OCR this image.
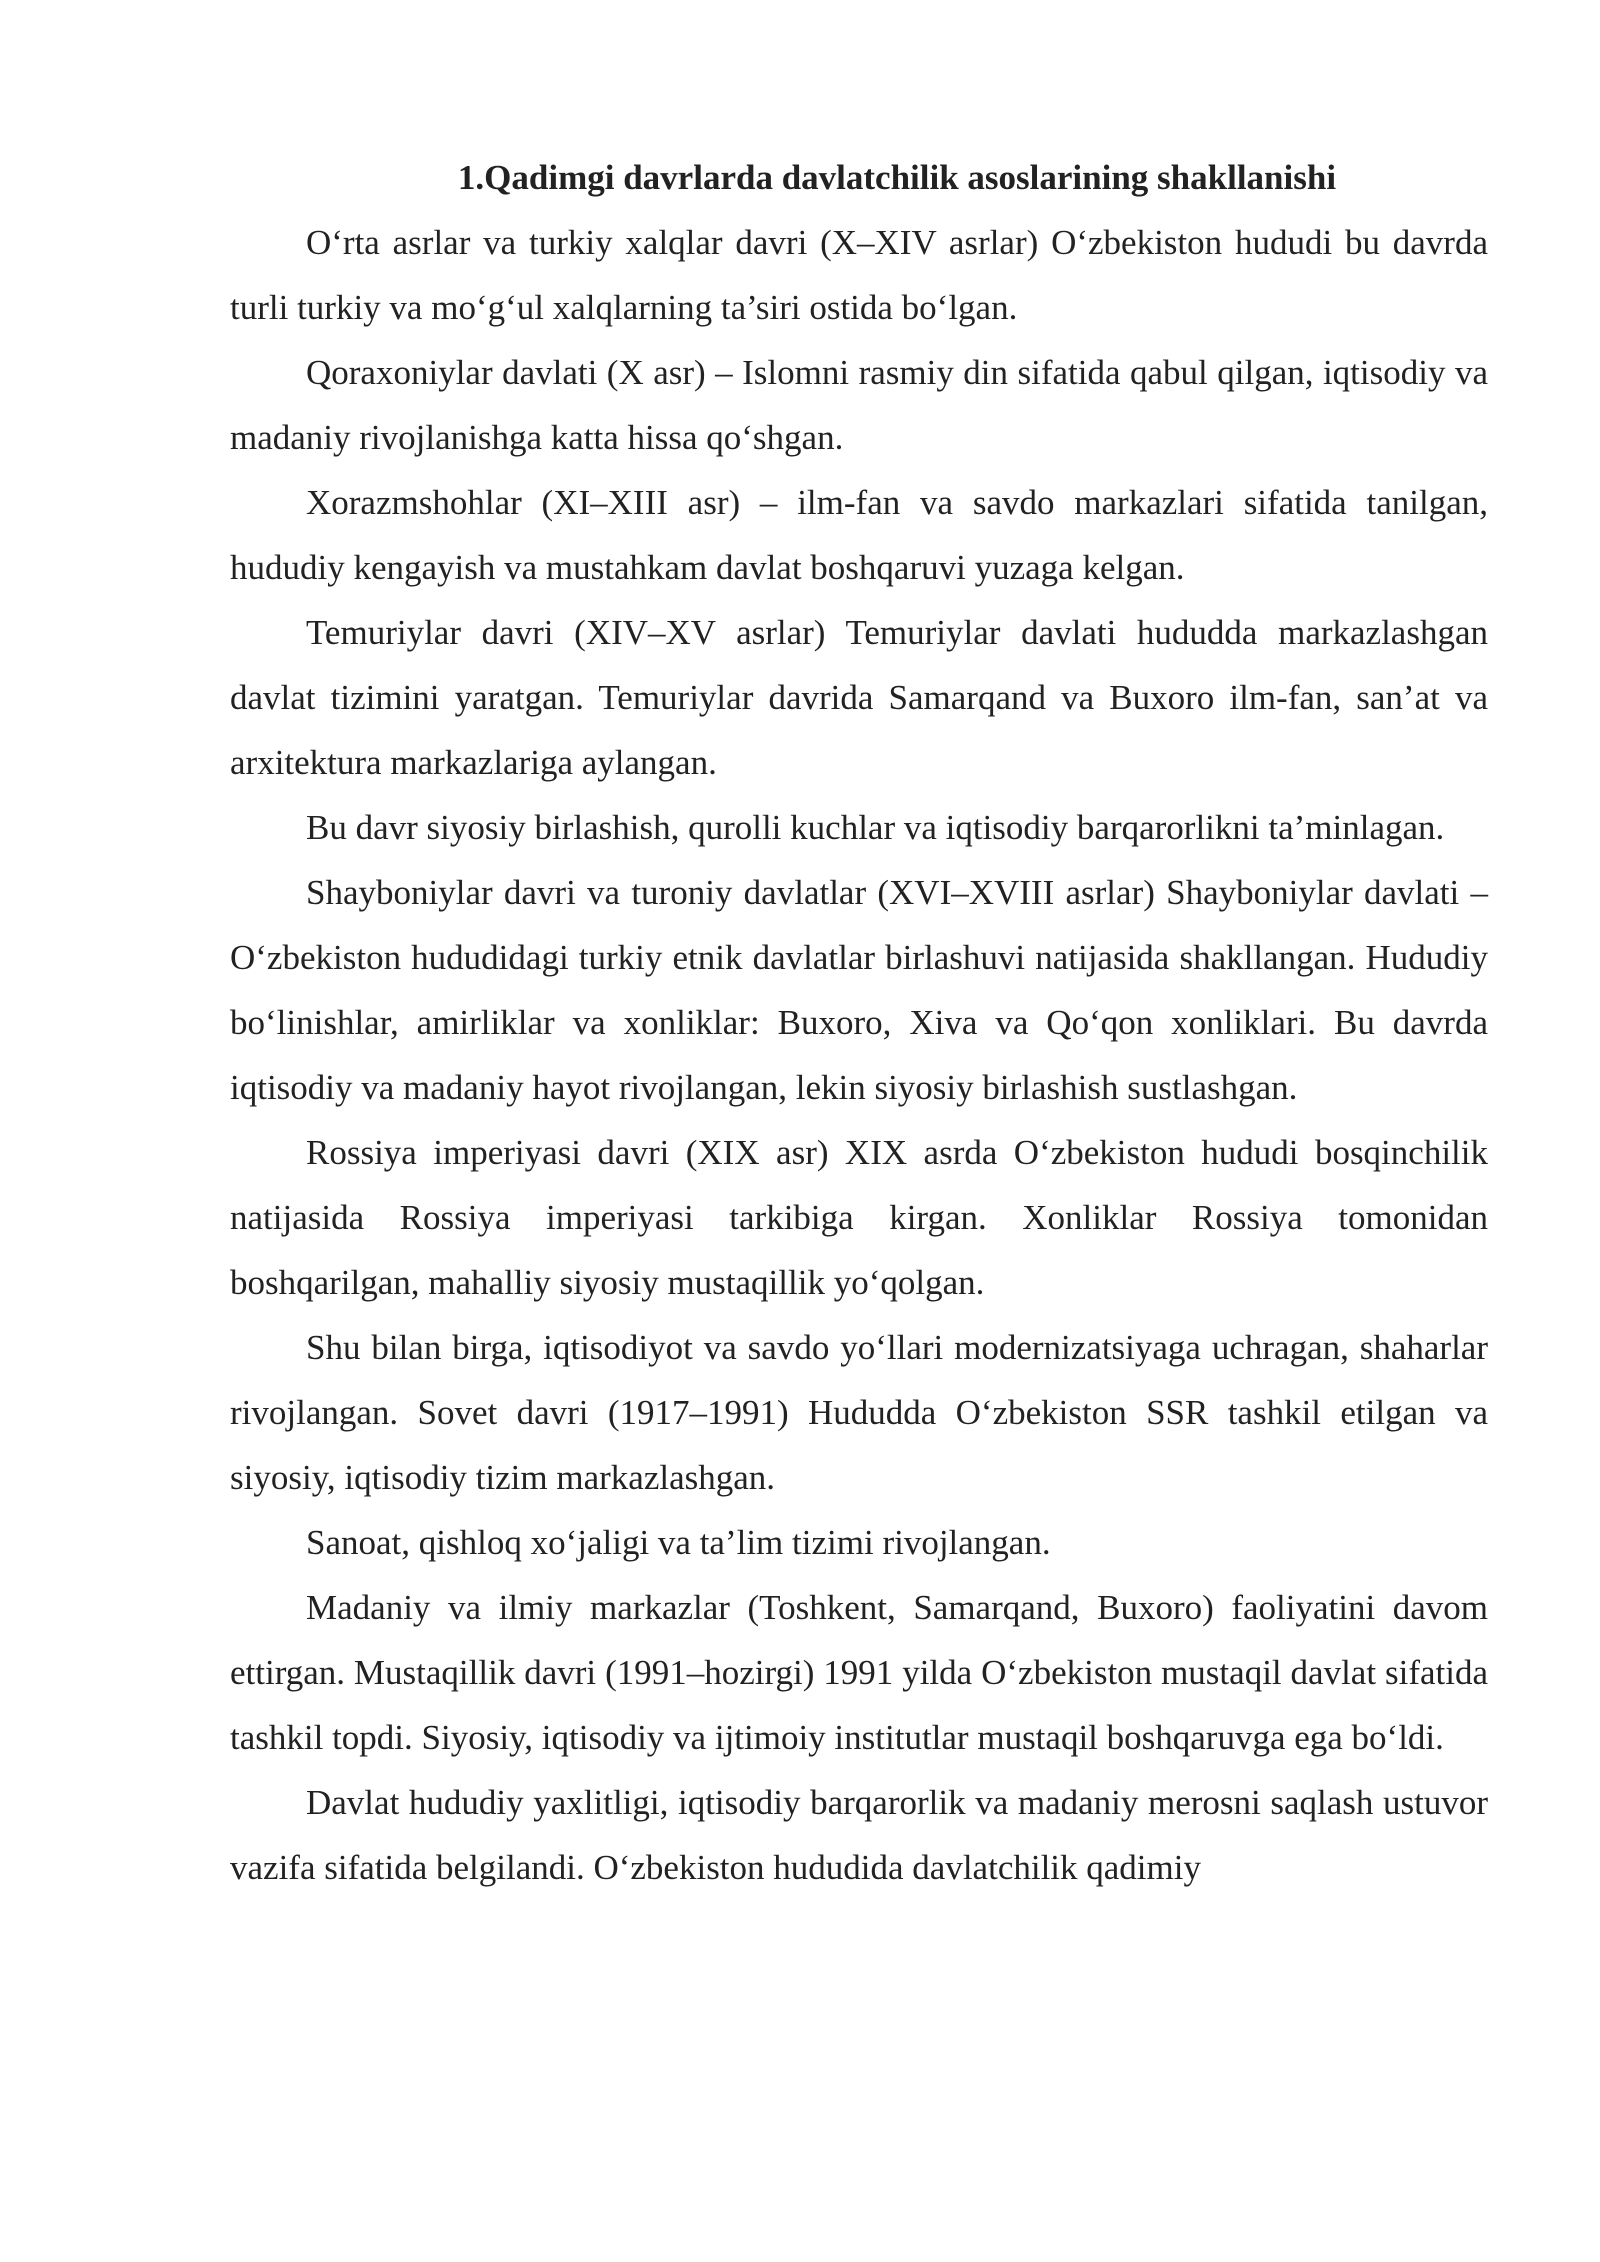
1.Qadimgi davrlarda davlatchilik asoslarining shakllanishi

O‘rta asrlar va turkiy xalqlar davri (X–XIV asrlar) O‘zbekiston hududi bu davrda turli turkiy va mo‘g‘ul xalqlarning ta’siri ostida bo‘lgan.

Qoraxoniylar davlati (X asr) – Islomni rasmiy din sifatida qabul qilgan, iqtisodiy va madaniy rivojlanishga katta hissa qo‘shgan.

Xorazmshohlar (XI–XIII asr) – ilm-fan va savdo markazlari sifatida tanilgan, hududiy kengayish va mustahkam davlat boshqaruvi yuzaga kelgan.

Temuriylar davri (XIV–XV asrlar) Temuriylar davlati hududda markazlashgan davlat tizimini yaratgan. Temuriylar davrida Samarqand va Buxoro ilm-fan, san’at va arxitektura markazlariga aylangan.

Bu davr siyosiy birlashish, qurolli kuchlar va iqtisodiy barqarorlikni ta’minlagan.

Shayboniylar davri va turoniy davlatlar (XVI–XVIII asrlar) Shayboniylar davlati – O‘zbekiston hududidagi turkiy etnik davlatlar birlashuvi natijasida shakllangan. Hududiy bo‘linishlar, amirliklar va xonliklar: Buxoro, Xiva va Qo‘qon xonliklari. Bu davrda iqtisodiy va madaniy hayot rivojlangan, lekin siyosiy birlashish sustlashgan.

Rossiya imperiyasi davri (XIX asr) XIX asrda O‘zbekiston hududi bosqinchilik natijasida Rossiya imperiyasi tarkibiga kirgan. Xonliklar Rossiya tomonidan boshqarilgan, mahalliy siyosiy mustaqillik yo‘qolgan.

Shu bilan birga, iqtisodiyot va savdo yo‘llari modernizatsiyaga uchragan, shaharlar rivojlangan. Sovet davri (1917–1991) Hududda O‘zbekiston SSR tashkil etilgan va siyosiy, iqtisodiy tizim markazlashgan.

Sanoat, qishloq xo‘jaligi va ta’lim tizimi rivojlangan.

Madaniy va ilmiy markazlar (Toshkent, Samarqand, Buxoro) faoliyatini davom ettirgan. Mustaqillik davri (1991–hozirgi) 1991 yilda O‘zbekiston mustaqil davlat sifatida tashkil topdi. Siyosiy, iqtisodiy va ijtimoiy institutlar mustaqil boshqaruvga ega bo‘ldi.

Davlat hududiy yaxlitligi, iqtisodiy barqarorlik va madaniy merosni saqlash ustuvor vazifa sifatida belgilandi. O‘zbekiston hududida davlatchilik qadimiy
